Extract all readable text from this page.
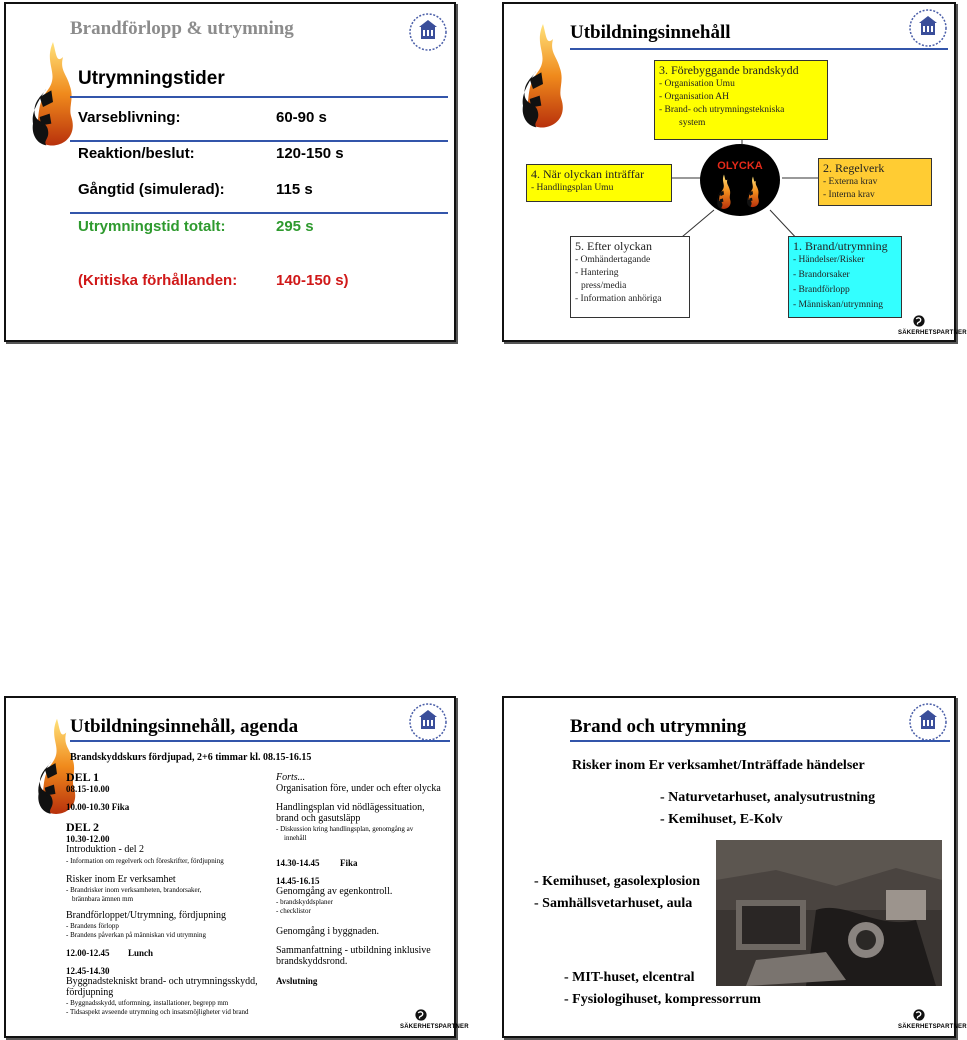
Brandförlopp & utrymning
Utrymningstider
Varseblivning:	60-90 s
Reaktion/beslut:	120-150 s
Gångtid (simulerad):	115 s
Utrymningstid totalt:	295 s
(Kritiska förhållanden:	140-150 s)
Utbildningsinnehåll
3. Förebyggande brandskydd
- Organisation Umu
- Organisation AH
- Brand- och utrymningstekniska
system
4. När olyckan inträffar
- Handlingsplan Umu
OLYCKA	2. Regelverk
- Externa krav
- Interna krav
5. Efter olyckan
- Omhändertagande
- Hantering
press/media
- Information anhöriga
1. Brand/utrymning
- Händelser/Risker
- Brandorsaker
- Brandförlopp
- Människan/utrymning
SÄKERHETSPARTNER
Utbildningsinnehåll, agenda
Brandskyddskurs fördjupad, 2+6 timmar kl. 08.15-16.15
DEL 1
08.15-10.00
10.00-10.30 Fika
DEL 2
10.30-12.00
Introduktion - del 2
- Information om regelverk och föreskrifter, fördjupning
Risker inom Er verksamhet
- Brandrisker inom verksamheten, brandorsaker,
brännbara ämnen mm
Brandförloppet/Utrymning, fördjupning
- Brandens förlopp
- Brandens påverkan på människan vid utrymning
12.00-12.45 Lunch
12.45-14.30
Byggnadstekniskt brand- och utrymningsskydd,
fördjupning
- Byggnadsskydd, utformning, installationer, begrepp mm
- Tidsaspekt avseende utrymning och insatsmöjligheter vid brand
Forts...
Organisation före, under och efter olycka
Handlingsplan vid nödlägessituation,
brand och gasutsläpp
- Diskussion kring handlingsplan, genomgång av
innehåll
14.30-14.45 Fika
14.45-16.15
Genomgång av egenkontroll.
- brandskyddsplaner
- checklistor
Genomgång i byggnaden.
Sammanfattning - utbildning inklusive
brandskyddsrond.
Avslutning
SÄKERHETSPARTNER
Brand och utrymning
Risker inom Er verksamhet/Inträffade händelser
- Naturvetarhuset, analysutrustning
- Kemihuset, E-Kolv
- Kemihuset, gasolexplosion
- Samhällsvetarhuset, aula
- MIT-huset, elcentral
- Fysiologihuset, kompressorrum
SÄKERHETSPARTNER
